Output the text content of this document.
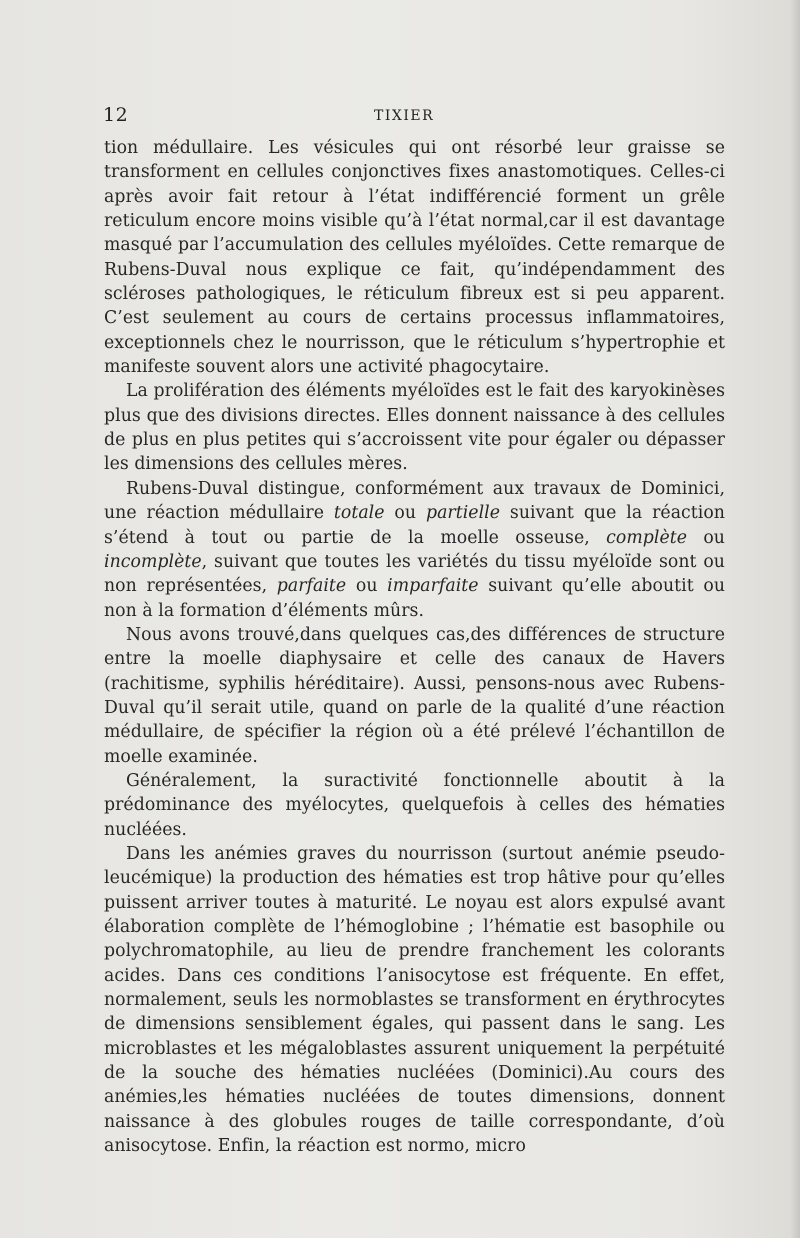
12	TIXIER

tion médullaire. Les vésicules qui ont résorbé leur graisse se transforment en cellules conjonctives fixes anastomotiques. Celles-ci après avoir fait retour à l’état indifférencié forment un grêle reticulum encore moins visible qu’à l’état normal,car il est davantage masqué par l’accumulation des cellules myéloïdes. Cette remarque de Rubens-Duval nous explique ce fait, qu’indépendamment des scléroses pathologiques, le réticulum fibreux est si peu apparent. C’est seulement au cours de certains processus inflammatoires, exceptionnels chez le nourrisson, que le réticulum s’hypertrophie et manifeste souvent alors une activité phagocytaire.

La prolifération des éléments myéloïdes est le fait des karyokinèses plus que des divisions directes. Elles donnent naissance à des cellules de plus en plus petites qui s’accroissent vite pour égaler ou dépasser les dimensions des cellules mères.

Rubens-Duval distingue, conformément aux travaux de Dominici, une réaction médullaire totale ou partielle suivant que la réaction s’étend à tout ou partie de la moelle osseuse, complète ou incomplète, suivant que toutes les variétés du tissu myéloïde sont ou non représentées, parfaite ou imparfaite suivant qu’elle aboutit ou non à la formation d’éléments mûrs.

Nous avons trouvé,dans quelques cas,des différences de structure entre la moelle diaphysaire et celle des canaux de Havers (rachitisme, syphilis héréditaire). Aussi, pensons-nous avec Rubens-Duval qu’il serait utile, quand on parle de la qualité d’une réaction médullaire, de spécifier la région où a été prélevé l’échantillon de moelle examinée.

Généralement, la suractivité fonctionnelle aboutit à la prédominance des myélocytes, quelquefois à celles des hématies nucléées.

Dans les anémies graves du nourrisson (surtout anémie pseudo-leucémique) la production des hématies est trop hâtive pour qu’elles puissent arriver toutes à maturité. Le noyau est alors expulsé avant élaboration complète de l’hémoglobine ; l’hématie est basophile ou polychromatophile, au lieu de prendre franchement les colorants acides. Dans ces conditions l’anisocytose est fréquente. En effet, normalement, seuls les normoblastes se transforment en érythrocytes de dimensions sensiblement égales, qui passent dans le sang. Les microblastes et les mégaloblastes assurent uniquement la perpétuité de la souche des hématies nucléées (Dominici).Au cours des anémies,les hématies nucléées de toutes dimensions, donnent naissance à des globules rouges de taille correspondante, d’où anisocytose. Enfin, la réaction est normo, micro
